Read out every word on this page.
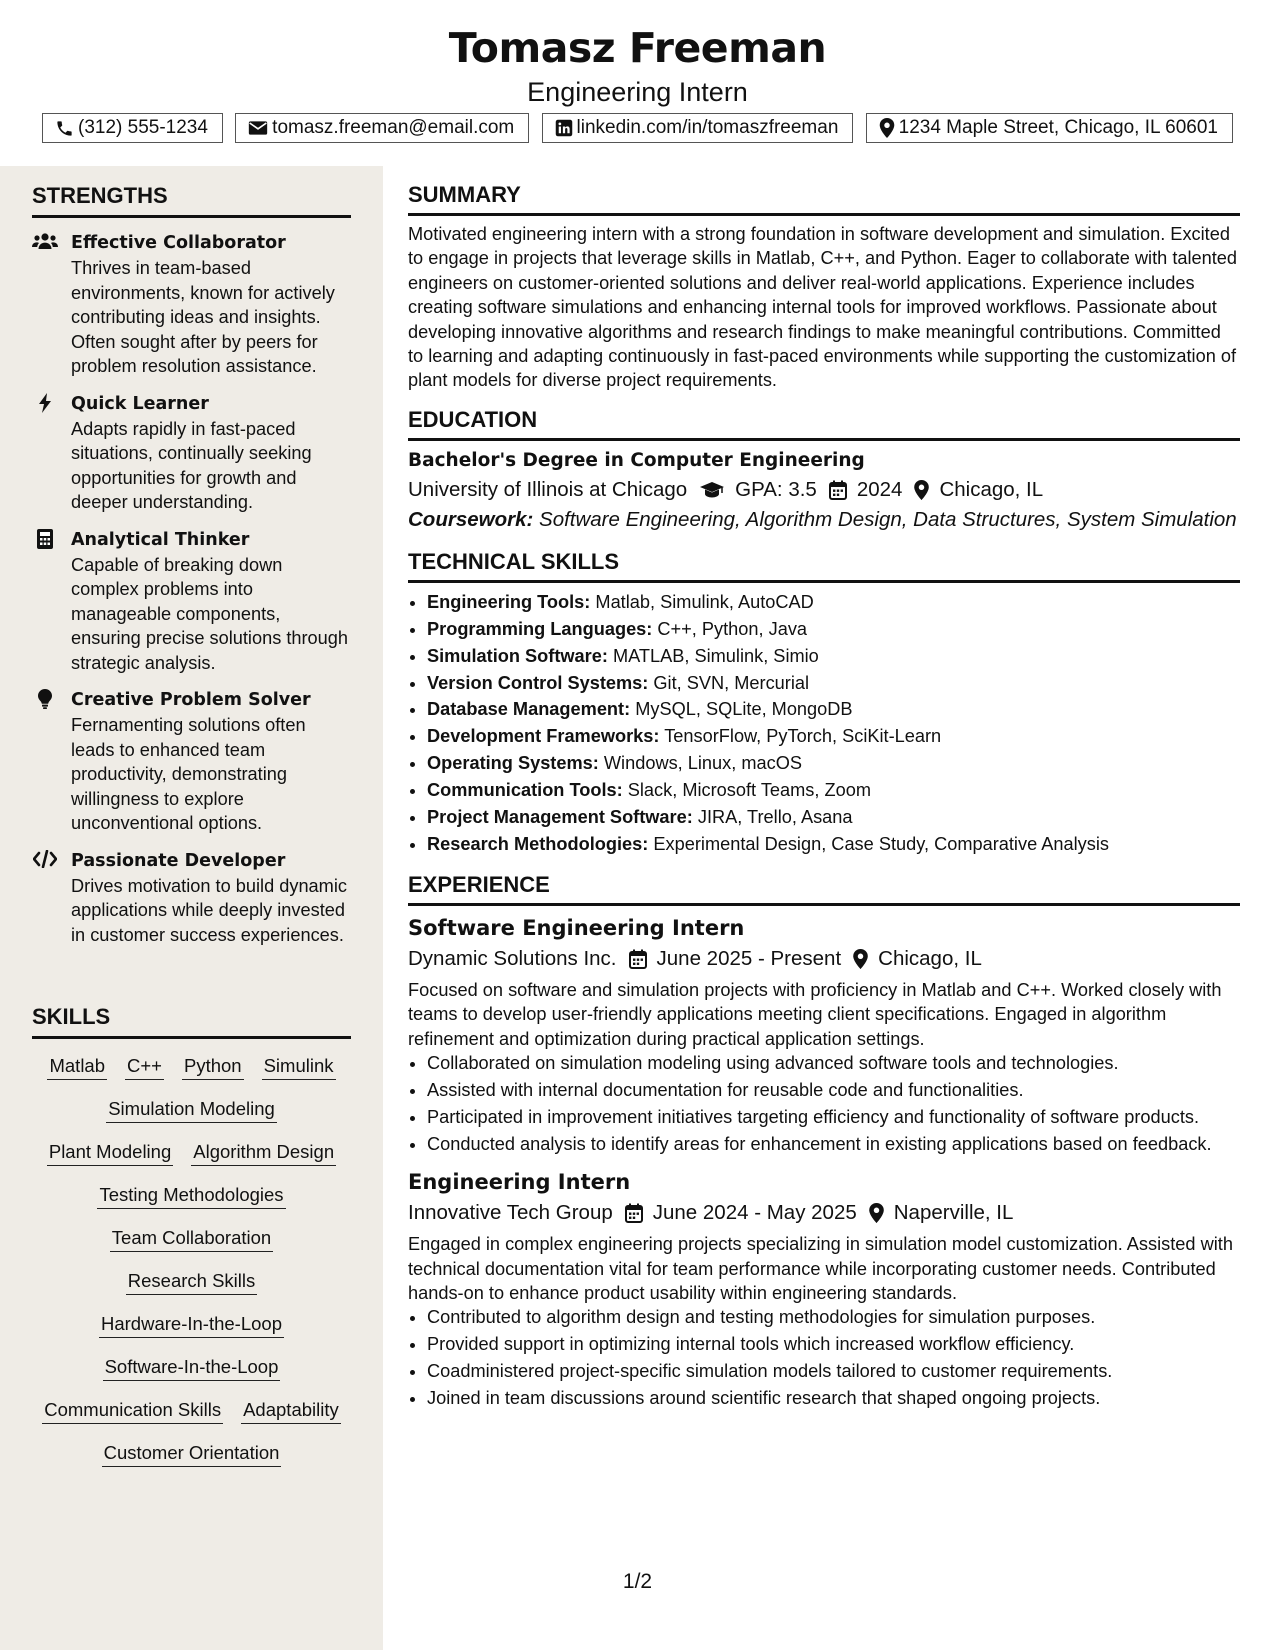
Tomasz Freeman
Engineering Intern
(312) 555-1234	tomasz.freeman@email.com	linkedin.com/in/tomaszfreeman	1234 Maple Street, Chicago, IL 60601
STRENGTHS
Effective Collaborator
Thrives in team-based environments, known for actively contributing ideas and insights. Often sought after by peers for problem resolution assistance.
Quick Learner
Adapts rapidly in fast-paced situations, continually seeking opportunities for growth and deeper understanding.
Analytical Thinker
Capable of breaking down complex problems into manageable components, ensuring precise solutions through strategic analysis.
Creative Problem Solver
Fernamenting solutions often leads to enhanced team productivity, demonstrating willingness to explore unconventional options.
Passionate Developer
Drives motivation to build dynamic applications while deeply invested in customer success experiences.
SKILLS
Matlab C++ Python Simulink
Simulation Modeling
Plant Modeling Algorithm Design
Testing Methodologies
Team Collaboration
Research Skills
Hardware-In-the-Loop
Software-In-the-Loop
Communication Skills Adaptability
Customer Orientation
SUMMARY

Motivated engineering intern with a strong foundation in software development and simulation. Excited to engage in projects that leverage skills in Matlab, C++, and Python. Eager to collaborate with talented engineers on customer-oriented solutions and deliver real-world applications. Experience includes creating software simulations and enhancing internal tools for improved workflows. Passionate about developing innovative algorithms and research findings to make meaningful contributions. Committed to learning and adapting continuously in fast-paced environments while supporting the customization of plant models for diverse project requirements.

EDUCATION
Bachelor's Degree in Computer Engineering
University of Illinois at Chicago GPA: 3.5 2024 Chicago, IL
Coursework: Software Engineering, Algorithm Design, Data Structures, System Simulation
TECHNICAL SKILLS
• Engineering Tools: Matlab, Simulink, AutoCAD
• Programming Languages: C++, Python, Java
• Simulation Software: MATLAB, Simulink, Simio
• Version Control Systems: Git, SVN, Mercurial
• Database Management: MySQL, SQLite, MongoDB
• Development Frameworks: TensorFlow, PyTorch, SciKit-Learn
• Operating Systems: Windows, Linux, macOS
• Communication Tools: Slack, Microsoft Teams, Zoom
• Project Management Software: JIRA, Trello, Asana
• Research Methodologies: Experimental Design, Case Study, Comparative Analysis
EXPERIENCE
Software Engineering Intern
Dynamic Solutions Inc. June 2025 - Present Chicago, IL

Focused on software and simulation projects with proficiency in Matlab and C++. Worked closely with teams to develop user-friendly applications meeting client specifications. Engaged in algorithm refinement and optimization during practical application settings.

• Collaborated on simulation modeling using advanced software tools and technologies.
• Assisted with internal documentation for reusable code and functionalities.
• Participated in improvement initiatives targeting efficiency and functionality of software products.
• Conducted analysis to identify areas for enhancement in existing applications based on feedback.
Engineering Intern
Innovative Tech Group June 2024 - May 2025 Naperville, IL

Engaged in complex engineering projects specializing in simulation model customization. Assisted with technical documentation vital for team performance while incorporating customer needs. Contributed hands-on to enhance product usability within engineering standards.

• Contributed to algorithm design and testing methodologies for simulation purposes.
• Provided support in optimizing internal tools which increased workflow efficiency.
• Coadministered project-specific simulation models tailored to customer requirements.
• Joined in team discussions around scientific research that shaped ongoing projects.
1/2
